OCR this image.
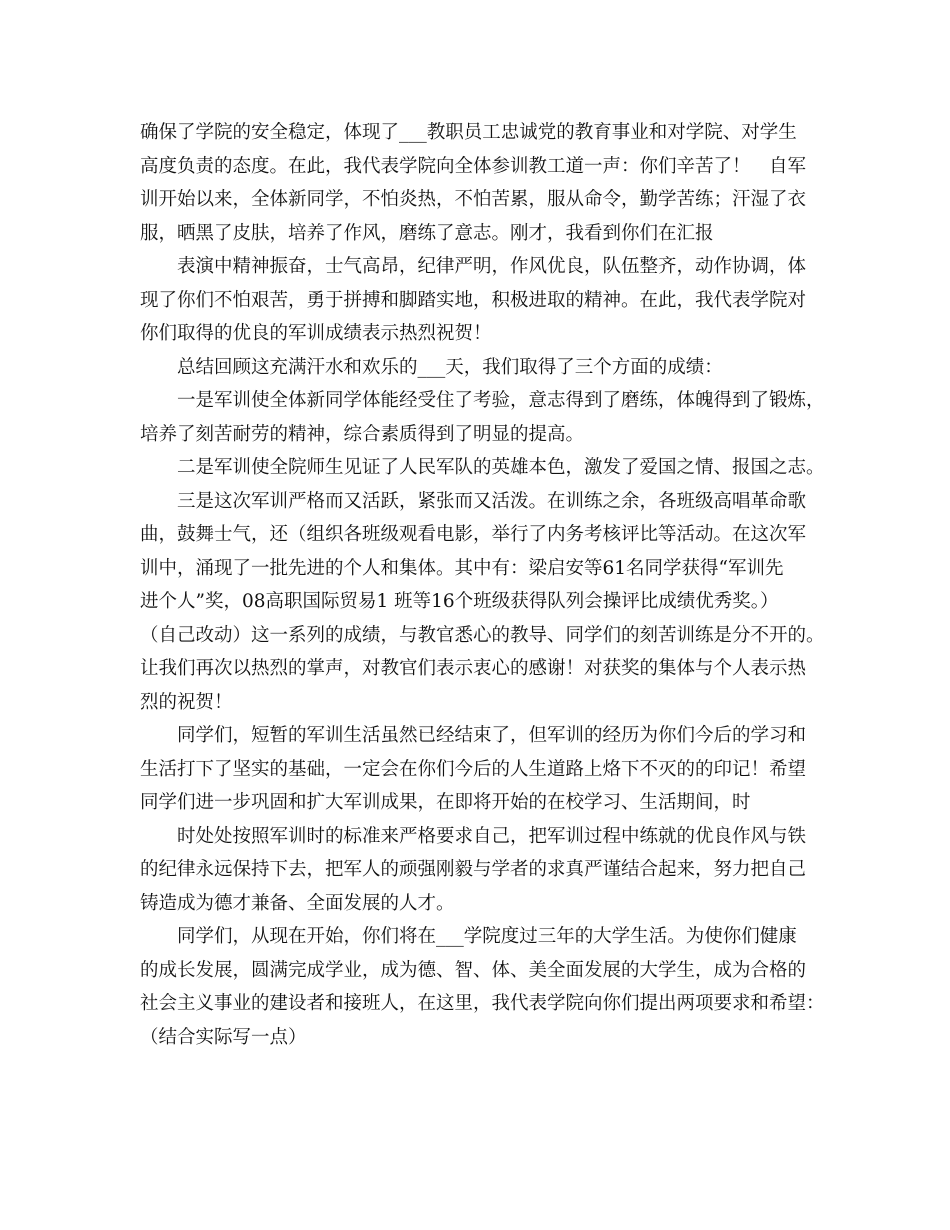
确保了学院的安全稳定，体现了___教职员工忠诚党的教育事业和对学院、对学生
高度负责的态度。在此，我代表学院向全体参训教工道一声：你们辛苦了！　自军
训开始以来，全体新同学，不怕炎热，不怕苦累，服从命令，勤学苦练；汗湿了衣
服，晒黑了皮肤，培养了作风，磨练了意志。刚才，我看到你们在汇报
表演中精神振奋，士气高昂，纪律严明，作风优良，队伍整齐，动作协调，体
现了你们不怕艰苦，勇于拼搏和脚踏实地，积极进取的精神。在此，我代表学院对
你们取得的优良的军训成绩表示热烈祝贺！
总结回顾这充满汗水和欢乐的___天，我们取得了三个方面的成绩：
一是军训使全体新同学体能经受住了考验，意志得到了磨练，体魄得到了锻炼，
培养了刻苦耐劳的精神，综合素质得到了明显的提高。
二是军训使全院师生见证了人民军队的英雄本色，激发了爱国之情、报国之志。
三是这次军训严格而又活跃，紧张而又活泼。在训练之余，各班级高唱革命歌
曲，鼓舞士气，还（组织各班级观看电影，举行了内务考核评比等活动。在这次军
训中，涌现了一批先进的个人和集体。其中有：梁启安等61名同学获得“军训先
进个人”奖，08高职国际贸易1 班等16个班级获得队列会操评比成绩优秀奖。）
（自己改动）这一系列的成绩，与教官悉心的教导、同学们的刻苦训练是分不开的。
让我们再次以热烈的掌声，对教官们表示衷心的感谢！对获奖的集体与个人表示热
烈的祝贺！
同学们，短暂的军训生活虽然已经结束了，但军训的经历为你们今后的学习和
生活打下了坚实的基础，一定会在你们今后的人生道路上烙下不灭的的印记！希望
同学们进一步巩固和扩大军训成果，在即将开始的在校学习、生活期间，时
时处处按照军训时的标准来严格要求自己，把军训过程中练就的优良作风与铁
的纪律永远保持下去，把军人的顽强刚毅与学者的求真严谨结合起来，努力把自己
铸造成为德才兼备、全面发展的人才。
同学们，从现在开始，你们将在___学院度过三年的大学生活。为使你们健康
的成长发展，圆满完成学业，成为德、智、体、美全面发展的大学生，成为合格的
社会主义事业的建设者和接班人，在这里，我代表学院向你们提出两项要求和希望：
（结合实际写一点）
